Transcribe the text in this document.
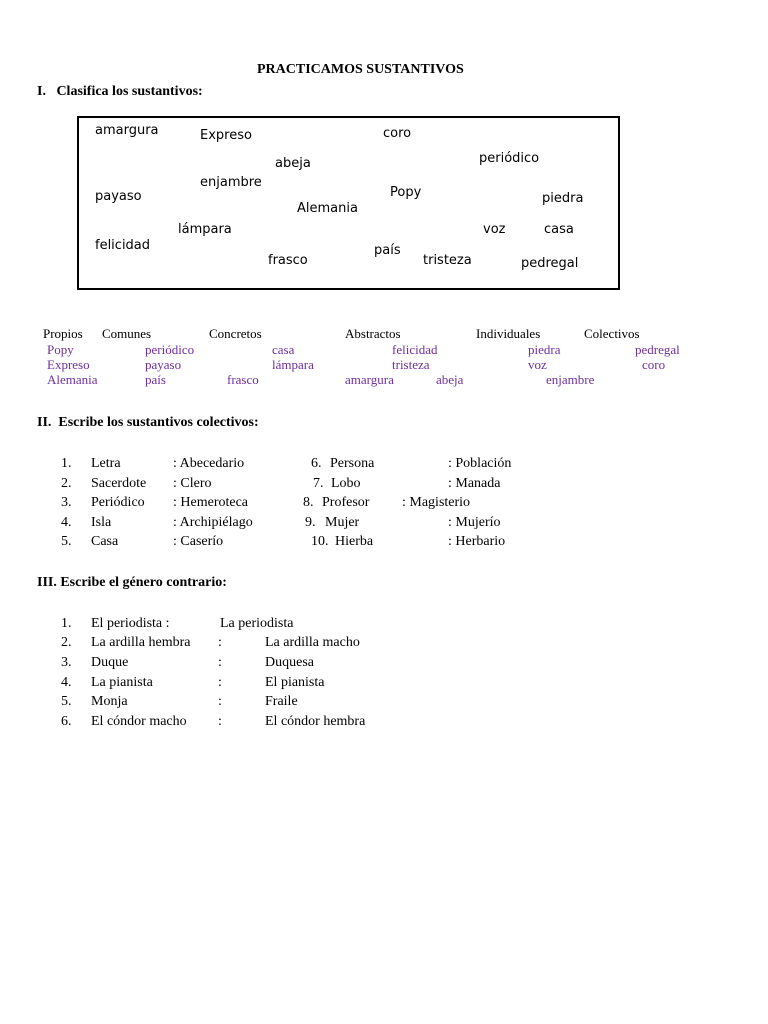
PRACTICAMOS SUSTANTIVOS
I.   Clasifica los sustantivos:
amargura	Expreso	coro
abeja	periódico
enjambre
payaso	Popy	piedra
Alemania
lámpara	voz	casa
felicidad	país
frasco	tristeza	pedregal
Propios Comunes	Concretos	Abstractos	Individuales	Colectivos
Popy	periódico	casa	felicidad	piedra	pedregal
Expreso	payaso	lámpara	tristeza	voz	coro
Alemania	país	frasco	amargura	abeja	enjambre
II.  Escribe los sustantivos colectivos:
1. Letra	: Abecedario
2. Sacerdote : Clero
3. Periódico : Hemeroteca
4. Isla	: Archipiélago
5. Casa	: Caserío
6. Persona	: Población
7. Lobo	: Manada
8. Profesor : Magisterio
9. Mujer	: Mujerío
10. Hierba	: Herbario
III. Escribe el género contrario:
1. El periodista :	La periodista
2. La ardilla hembra :	La ardilla macho
3. Duque	:	Duquesa
4. La pianista	:	El pianista
5. Monja	:	Fraile
6. El cóndor macho :	El cóndor hembra
